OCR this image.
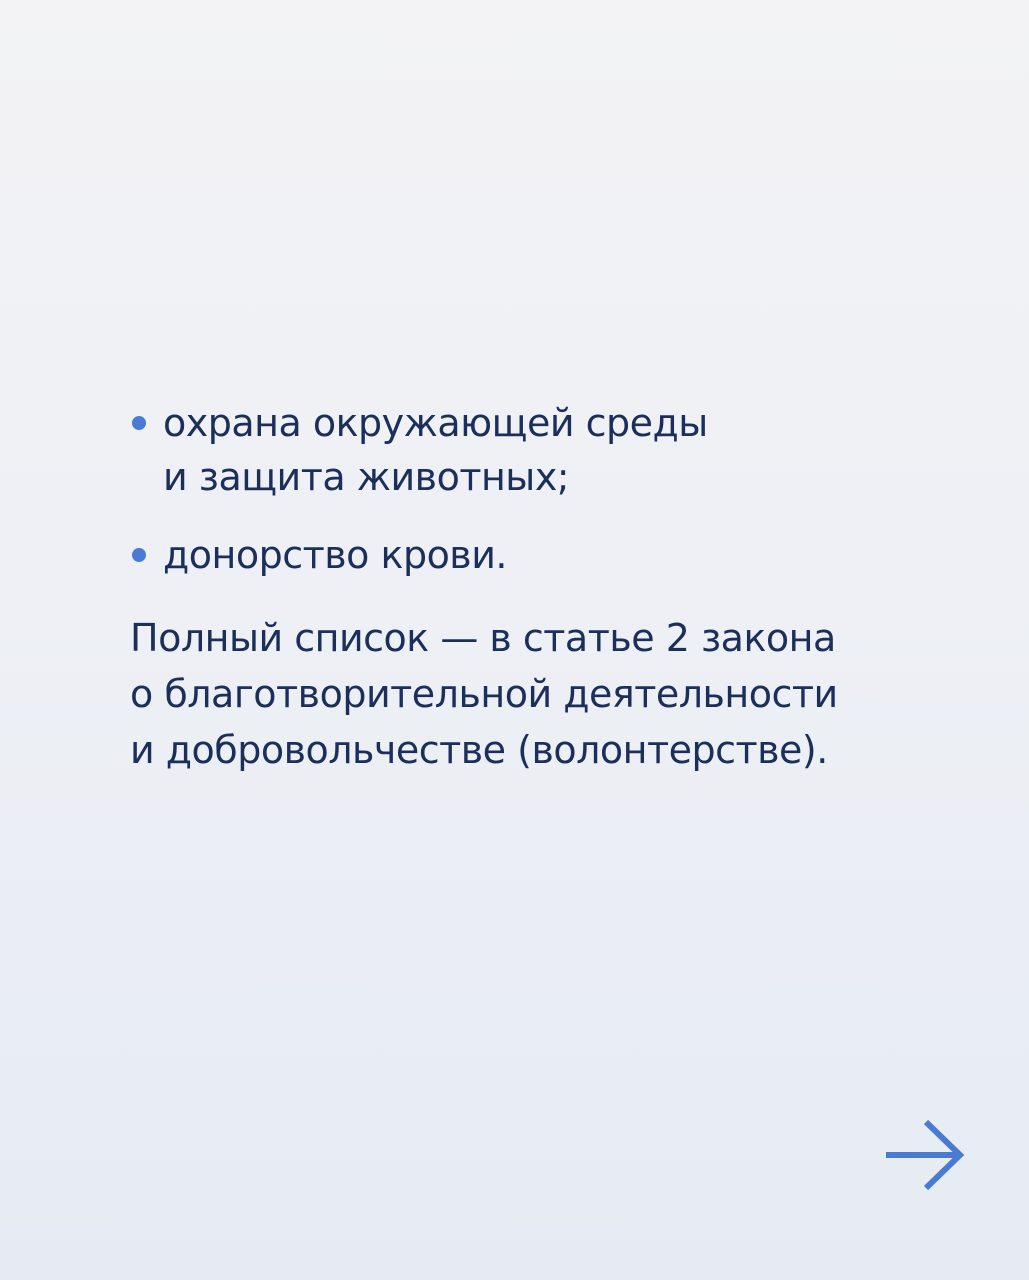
охрана окружающей среды
и защита животных;
донорство крови.
Полный список — в статье 2 закона
о благотворительной деятельности
и добровольчестве (волонтерстве).
